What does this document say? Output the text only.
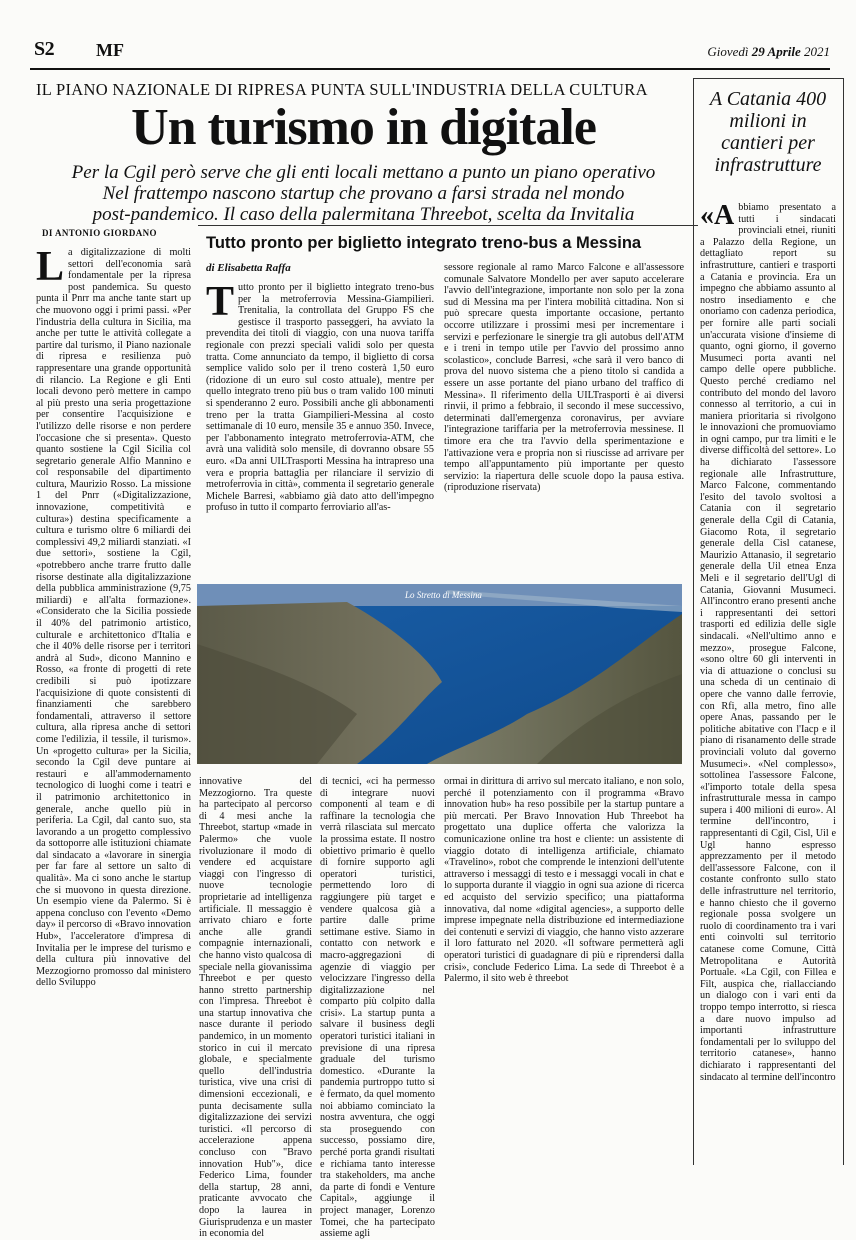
S2 MF	Giovedì 29 Aprile 2021
IL PIANO NAZIONALE DI RIPRESA PUNTA SULL'INDUSTRIA DELLA CULTURA
Un turismo in digitale
Per la Cgil però serve che gli enti locali mettano a punto un piano operativo
Nel frattempo nascono startup che provano a farsi strada nel mondo
post-pandemico. Il caso della palermitana Threebot, scelta da Invitalia
DI ANTONIO GIORDANO
La digitalizzazione di molti settori dell'economia sarà fondamentale per la ripresa post pandemica. Su questo punta il Pnrr ma anche tante start up che muovono oggi i primi passi. «Per l'industria della cultura in Sicilia, ma anche per tutte le attività collegate a partire dal turismo, il Piano nazionale di ripresa e resilienza può rappresentare una grande opportunità di rilancio. La Regione e gli Enti locali devono però mettere in campo al più presto una seria progettazione per consentire l'acquisizione e l'utilizzo delle risorse e non perdere l'occasione che si presenta». Questo quanto sostiene la Cgil Sicilia col segretario generale Alfio Mannino e col responsabile del dipartimento cultura, Maurizio Rosso. La missione 1 del Pnrr («Digitalizzazione, innovazione, competitività e cultura») destina specificamente a cultura e turismo oltre 6 miliardi dei complessivi 49,2 miliardi stanziati. «I due settori», sostiene la Cgil, «potrebbero anche trarre frutto dalle risorse destinate alla digitalizzazione della pubblica amministrazione (9,75 miliardi) e all'alta formazione». «Considerato che la Sicilia possiede il 40% del patrimonio artistico, culturale e architettonico d'Italia e che il 40% delle risorse per i territori andrà al Sud», dicono Mannino e Rosso, «a fronte di progetti di rete credibili si può ipotizzare l'acquisizione di quote consistenti di finanziamenti che sarebbero fondamentali, attraverso il settore cultura, alla ripresa anche di settori come l'edilizia, il tessile, il turismo». Un «progetto cultura» per la Sicilia, secondo la Cgil deve puntare ai restauri e all'ammodernamento tecnologico di luoghi come i teatri e il patrimonio architettonico in generale, anche quello più in periferia. La Cgil, dal canto suo, sta lavorando a un progetto complessivo da sottoporre alle istituzioni chiamate dal sindacato a «lavorare in sinergia per far fare al settore un salto di qualità». Ma ci sono anche le startup che si muovono in questa direzione. Un esempio viene da Palermo. Si è appena concluso con l'evento «Demo day» il percorso di «Bravo innovation Hub», l'acceleratore d'impresa di Invitalia per le imprese del turismo e della cultura più innovative del Mezzogiorno promosso dal ministero dello Sviluppo
Tutto pronto per biglietto integrato treno-bus a Messina
di Elisabetta Raffa
Tutto pronto per il biglietto integrato treno-bus per la metroferrovia Messina-Giampilieri. Trenitalia, la controllata del Gruppo FS che gestisce il trasporto passeggeri, ha avviato la prevendita dei titoli di viaggio, con una nuova tariffa regionale con prezzi speciali validi solo per questa tratta. Come annunciato da tempo, il biglietto di corsa semplice valido solo per il treno costerà 1,50 euro (ridozione di un euro sul costo attuale), mentre per quello integrato treno più bus o tram valido 100 minuti si spenderanno 2 euro. Possibili anche gli abbonamenti treno per la tratta Giampilieri-Messina al costo settimanale di 10 euro, mensile 35 e annuo 350. Invece, per l'abbonamento integrato metroferrovia-ATM, che avrà una validità solo mensile, di dovranno obsare 55 euro. «Da anni UILTrasporti Messina ha intrapreso una vera e propria battaglia per rilanciare il servizio di metroferrovia in città», commenta il segretario generale Michele Barresi, «abbiamo già dato atto dell'impegno profuso in tutto il comparto ferroviario all'as-
sessore regionale al ramo Marco Falcone e all'assessore comunale Salvatore Mondello per aver saputo accelerare l'avvio dell'integrazione, importante non solo per la zona sud di Messina ma per l'intera mobilità cittadina. Non si può sprecare questa importante occasione, pertanto occorre utilizzare i prossimi mesi per incrementare i servizi e perfezionare le sinergie tra gli autobus dell'ATM e i treni in tempo utile per l'avvio del prossimo anno scolastico», conclude Barresi, «che sarà il vero banco di prova del nuovo sistema che a pieno titolo si candida a essere un asse portante del piano urbano del traffico di Messina». Il riferimento della UILTrasporti è ai diversi rinvii, il primo a febbraio, il secondo il mese successivo, determinati dall'emergenza coronavirus, per avviare l'integrazione tariffaria per la metroferrovia messinese. Il timore era che tra l'avvio della sperimentazione e l'attivazione vera e propria non si riuscisse ad arrivare per tempo all'appuntamento più importante per questo servizio: la riapertura delle scuole dopo la pausa estiva. (riproduzione riservata)
Lo Stretto di Messina
innovative del Mezzogiorno. Tra queste ha partecipato al percorso di 4 mesi anche la Threebot, startup «made in Palermo» che vuole rivoluzionare il modo di vendere ed acquistare viaggi con l'ingresso di nuove tecnologie proprietarie ad intelligenza artificiale. Il messaggio è arrivato chiaro e forte anche alle grandi compagnie internazionali, che hanno visto qualcosa di speciale nella giovanissima Threebot e per questo hanno stretto partnership con l'impresa. Threebot è una startup innovativa che nasce durante il periodo pandemico, in un momento storico in cui il mercato globale, e specialmente quello dell'industria turistica, vive una crisi di dimensioni eccezionali, e punta decisamente sulla digitalizzazione dei servizi turistici. «Il percorso di accelerazione appena concluso con "Bravo innovation Hub"», dice Federico Lima, founder della startup, 28 anni, praticante avvocato che dopo la laurea in Giurisprudenza e un master in economia del
di tecnici, «ci ha permesso di integrare nuovi componenti al team e di raffinare la tecnologia che verrà rilasciata sul mercato la prossima estate. Il nostro obiettivo primario è quello di fornire supporto agli operatori turistici, permettendo loro di raggiungere più target e vendere qualcosa già a partire dalle prime settimane estive. Siamo in contatto con network e macro-aggregazioni di agenzie di viaggio per velocizzare l'ingresso della digitalizzazione nel comparto più colpito dalla crisi». La startup punta a salvare il business degli operatori turistici italiani in previsione di una ripresa graduale del turismo domestico. «Durante la pandemia purtroppo tutto si è fermato, da quel momento noi abbiamo cominciato la nostra avventura, che oggi sta proseguendo con successo, possiamo dire, perché porta grandi risultati e richiama tanto interesse tra stakeholders, ma anche da parte di fondi e Venture Capital», aggiunge il project manager, Lorenzo Tomei, che ha partecipato assieme agli
ormai in dirittura di arrivo sul mercato italiano, e non solo, perché il potenziamento con il programma «Bravo innovation hub» ha reso possibile per la startup puntare a più mercati. Per Bravo Innovation Hub Threebot ha progettato una duplice offerta che valorizza la comunicazione online tra host e cliente: un assistente di viaggio dotato di intelligenza artificiale, chiamato «Travelino», robot che comprende le intenzioni dell'utente attraverso i messaggi di testo e i messaggi vocali in chat e lo supporta durante il viaggio in ogni sua azione di ricerca ed acquisto del servizio specifico; una piattaforma innovativa, dal nome «digital agencies», a supporto delle imprese impegnate nella distribuzione ed intermediazione dei contenuti e servizi di viaggio, che hanno visto azzerare il loro fatturato nel 2020. «Il software permetterà agli operatori turistici di guadagnare di più e riprendersi dalla crisi», conclude Federico Lima. La sede di Threebot è a Palermo, il sito web è threebot
A Catania 400 milioni in cantieri per infrastrutture
«Abbiamo presentato a tutti i sindacati provinciali etnei, riuniti a Palazzo della Regione, un dettagliato report su infrastrutture, cantieri e trasporti a Catania e provincia. Era un impegno che abbiamo assunto al nostro insediamento e che onoriamo con cadenza periodica, per fornire alle parti sociali un'accurata visione d'insieme di quanto, ogni giorno, il governo Musumeci porta avanti nel campo delle opere pubbliche. Questo perché crediamo nel contributo del mondo del lavoro connesso al territorio, a cui in maniera prioritaria si rivolgono le innovazioni che promuoviamo in ogni campo, pur tra limiti e le diverse difficoltà del settore». Lo ha dichiarato l'assessore regionale alle Infrastrutture, Marco Falcone, commentando l'esito del tavolo svoltosi a Catania con il segretario generale della Cgil di Catania, Giacomo Rota, il segretario generale della Cisl catanese, Maurizio Attanasio, il segretario generale della Uil etnea Enza Meli e il segretario dell'Ugl di Catania, Giovanni Musumeci. All'incontro erano presenti anche i rappresentanti dei settori trasporti ed edilizia delle sigle sindacali. «Nell'ultimo anno e mezzo», prosegue Falcone, «sono oltre 60 gli interventi in via di attuazione o conclusi su una scheda di un centinaio di opere che vanno dalle ferrovie, con Rfi, alla metro, fino alle opere Anas, passando per le politiche abitative con l'Iacp e il piano di risanamento delle strade provinciali voluto dal governo Musumeci». «Nel complesso», sottolinea l'assessore Falcone, «l'importo totale della spesa infrastrutturale messa in campo supera i 400 milioni di euro». Al termine dell'incontro, i rappresentanti di Cgil, Cisl, Uil e Ugl hanno espresso apprezzamento per il metodo dell'assessore Falcone, con il costante confronto sullo stato delle infrastrutture nel territorio, e hanno chiesto che il governo regionale possa svolgere un ruolo di coordinamento tra i vari enti coinvolti sul territorio catanese come Comune, Città Metropolitana e Autorità Portuale. «La Cgil, con Fillea e Filt, auspica che, riallacciando un dialogo con i vari enti da troppo tempo interrotto, si riesca a dare nuovo impulso ad importanti infrastrutture fondamentali per lo sviluppo del territorio catanese», hanno dichiarato i rappresentanti del sindacato al termine dell'incontro
